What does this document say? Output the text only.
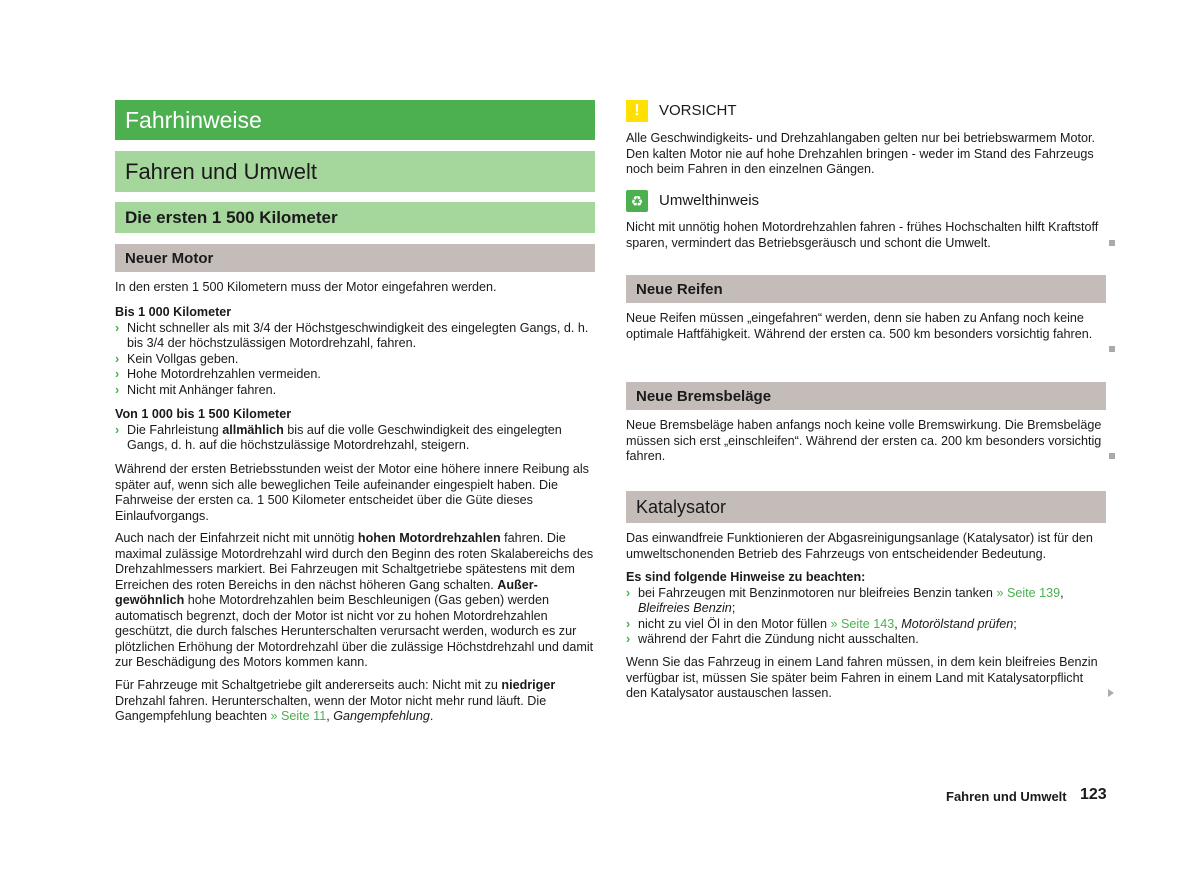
Fahrhinweise
Fahren und Umwelt
Die ersten 1 500 Kilometer
Neuer Motor

In den ersten 1 500 Kilometern muss der Motor eingefahren werden.

Bis 1 000 Kilometer

› Nicht schneller als mit 3/4 der Höchstgeschwindigkeit des eingelegten Gangs, d. h. bis 3/4 der höchstzulässigen Motordrehzahl, fahren.
› Kein Vollgas geben.
› Hohe Motordrehzahlen vermeiden.
› Nicht mit Anhänger fahren.

Von 1 000 bis 1 500 Kilometer

› Die Fahrleistung allmählich bis auf die volle Geschwindigkeit des eingelegten Gangs, d. h. auf die höchstzulässige Motordrehzahl, steigern.

Während der ersten Betriebsstunden weist der Motor eine höhere innere Reibung als später auf, wenn sich alle beweglichen Teile aufeinander eingespielt haben. Die Fahrweise der ersten ca. 1 500 Kilometer entscheidet über die Güte dieses Einlaufvorgangs.

Auch nach der Einfahrzeit nicht mit unnötig hohen Motordrehzahlen fahren. Die maximal zulässige Motordrehzahl wird durch den Beginn des roten Skalabereichs des Drehzahlmessers markiert. Bei Fahrzeugen mit Schaltgetriebe spätestens mit dem Erreichen des roten Bereichs in den nächst höheren Gang schalten. Außer-gewöhnlich hohe Motordrehzahlen beim Beschleunigen (Gas geben) werden automatisch begrenzt, doch der Motor ist nicht vor zu hohen Motordrehzahlen geschützt, die durch falsches Herunterschalten verursacht werden, wodurch es zur plötzlichen Erhöhung der Motordrehzahl über die zulässige Höchstdrehzahl und damit zur Beschädigung des Motors kommen kann.

Für Fahrzeuge mit Schaltgetriebe gilt andererseits auch: Nicht mit zu niedriger Drehzahl fahren. Herunterschalten, wenn der Motor nicht mehr rund läuft. Die Gangempfehlung beachten » Seite 11, Gangempfehlung.

!	VORSICHT

Alle Geschwindigkeits- und Drehzahlangaben gelten nur bei betriebswarmem Motor. Den kalten Motor nie auf hohe Drehzahlen bringen - weder im Stand des Fahrzeugs noch beim Fahren in den einzelnen Gängen.

♻	Umwelthinweis

Nicht mit unnötig hohen Motordrehzahlen fahren - frühes Hochschalten hilft Kraftstoff sparen, vermindert das Betriebsgeräusch und schont die Umwelt.

Neue Reifen

Neue Reifen müssen „eingefahren“ werden, denn sie haben zu Anfang noch keine optimale Haftfähigkeit. Während der ersten ca. 500 km besonders vorsichtig fahren.

Neue Bremsbeläge

Neue Bremsbeläge haben anfangs noch keine volle Bremswirkung. Die Bremsbeläge müssen sich erst „einschleifen“. Während der ersten ca. 200 km besonders vorsichtig fahren.

Katalysator

Das einwandfreie Funktionieren der Abgasreinigungsanlage (Katalysator) ist für den umweltschonenden Betrieb des Fahrzeugs von entscheidender Bedeutung.

Es sind folgende Hinweise zu beachten:

› bei Fahrzeugen mit Benzinmotoren nur bleifreies Benzin tanken » Seite 139, Bleifreies Benzin;
› nicht zu viel Öl in den Motor füllen » Seite 143, Motorölstand prüfen;
› während der Fahrt die Zündung nicht ausschalten.

Wenn Sie das Fahrzeug in einem Land fahren müssen, in dem kein bleifreies Benzin verfügbar ist, müssen Sie später beim Fahren in einem Land mit Katalysatorpflicht den Katalysator austauschen lassen.

Fahren und Umwelt 123
